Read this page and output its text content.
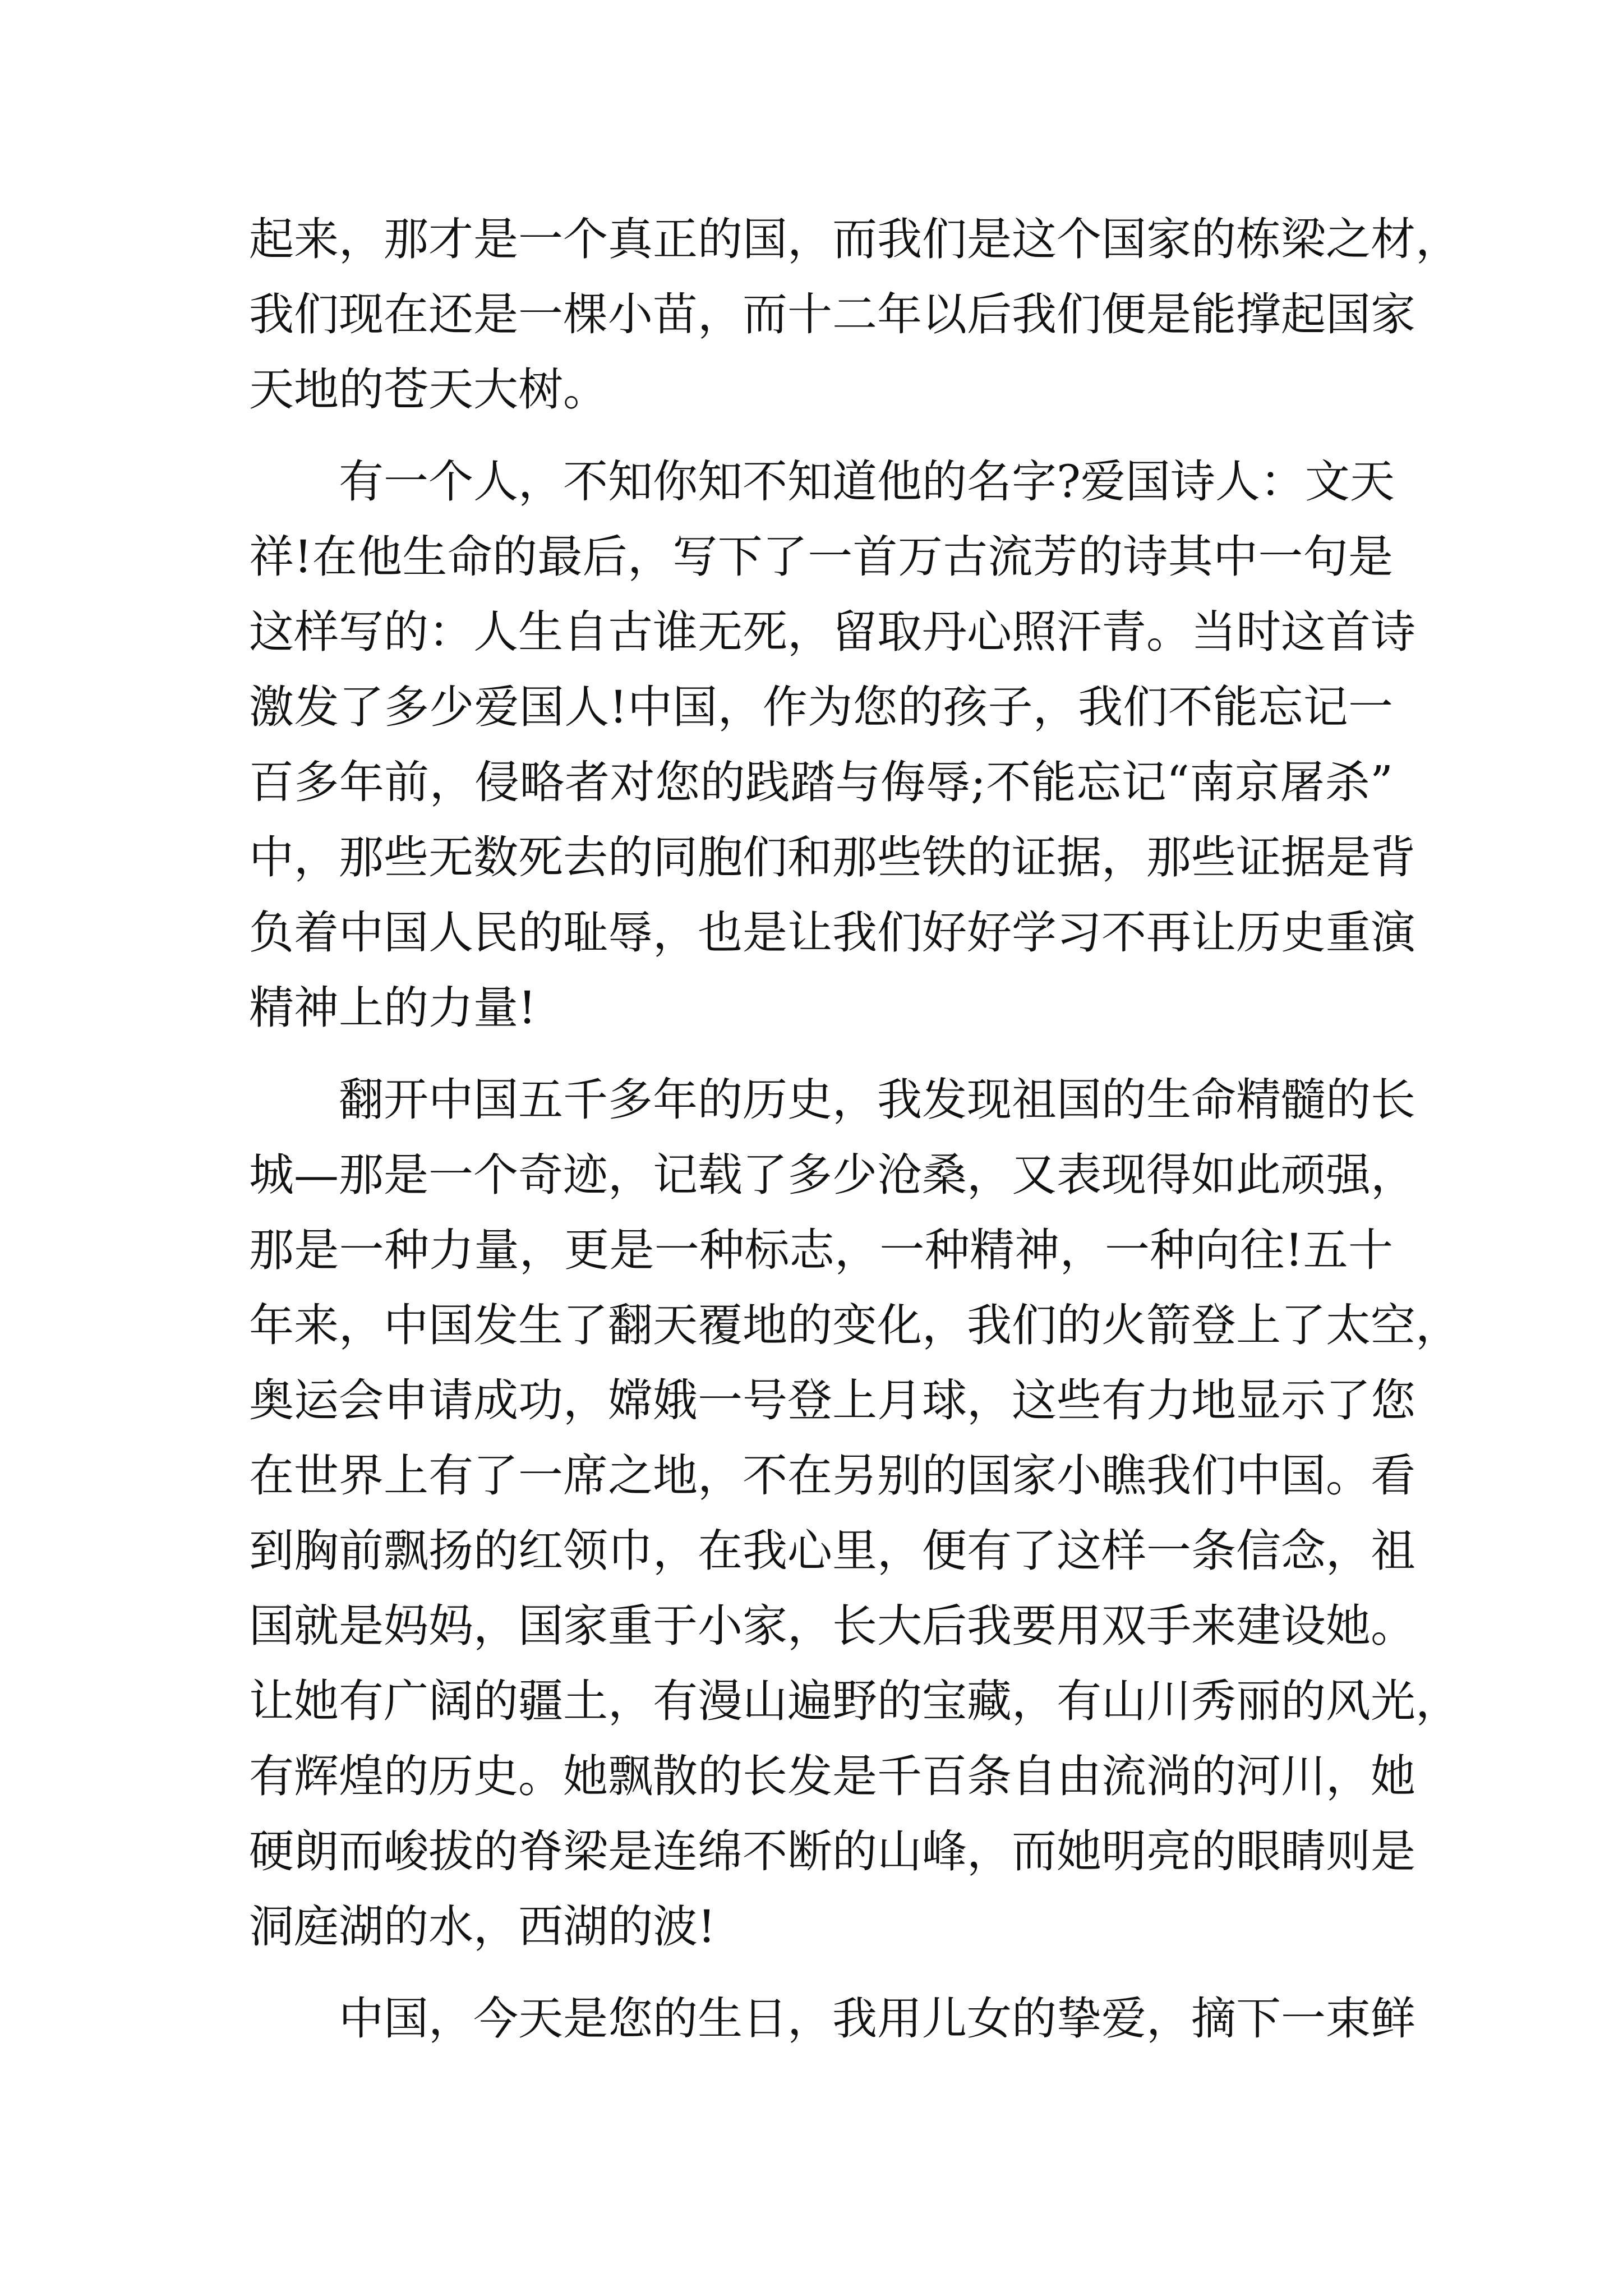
起来，那才是一个真正的国，而我们是这个国家的栋梁之材，
我们现在还是一棵小苗，而十二年以后我们便是能撑起国家
天地的苍天大树。
有一个人，不知你知不知道他的名字?爱国诗人：文天
祥!在他生命的最后，写下了一首万古流芳的诗其中一句是
这样写的：人生自古谁无死，留取丹心照汗青。当时这首诗
激发了多少爱国人!中国，作为您的孩子，我们不能忘记一
百多年前，侵略者对您的践踏与侮辱;不能忘记“南京屠杀”
中，那些无数死去的同胞们和那些铁的证据，那些证据是背
负着中国人民的耻辱，也是让我们好好学习不再让历史重演
精神上的力量!
翻开中国五千多年的历史，我发现祖国的生命精髓的长
城—那是一个奇迹，记载了多少沧桑，又表现得如此顽强，
那是一种力量，更是一种标志，一种精神，一种向往!五十
年来，中国发生了翻天覆地的变化，我们的火箭登上了太空，
奥运会申请成功，嫦娥一号登上月球，这些有力地显示了您
在世界上有了一席之地，不在另别的国家小瞧我们中国。看
到胸前飘扬的红领巾，在我心里，便有了这样一条信念，祖
国就是妈妈，国家重于小家，长大后我要用双手来建设她。
让她有广阔的疆土，有漫山遍野的宝藏，有山川秀丽的风光，
有辉煌的历史。她飘散的长发是千百条自由流淌的河川，她
硬朗而峻拔的脊梁是连绵不断的山峰，而她明亮的眼睛则是
洞庭湖的水，西湖的波!
中国，今天是您的生日，我用儿女的挚爱，摘下一束鲜
